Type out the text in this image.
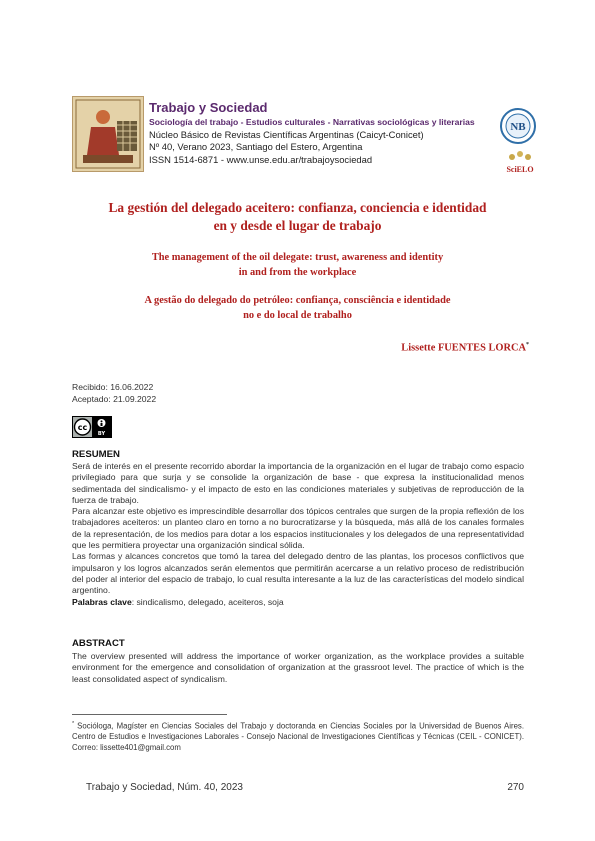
Trabajo y Sociedad
Sociología del trabajo - Estudios culturales - Narrativas sociológicas y literarias
Núcleo Básico de Revistas Científicas Argentinas (Caicyt-Conicet)
Nº 40, Verano 2023, Santiago del Estero, Argentina
ISSN 1514-6871 - www.unse.edu.ar/trabajoysociedad
NB
SciELO
La gestión del delegado aceitero: confianza, conciencia e identidad
en y desde el lugar de trabajo
The management of the oil delegate: trust, awareness and identity
in and from the workplace
A gestão do delegado do petróleo: confiança, consciência e identidade
no e do local de trabalho
Lissette FUENTES LORCA*
Recibido: 16.06.2022
Aceptado: 21.09.2022
cc
BY
RESUMEN

Será de interés en el presente recorrido abordar la importancia de la organización en el lugar de trabajo como espacio privilegiado para que surja y se consolide la organización de base - que expresa la institucionalidad menos sedimentada del sindicalismo- y el impacto de esto en las condiciones materiales y subjetivas de reproducción de la fuerza de trabajo.

Para alcanzar este objetivo es imprescindible desarrollar dos tópicos centrales que surgen de la propia reflexión de los trabajadores aceiteros: un planteo claro en torno a no burocratizarse y la búsqueda, más allá de los canales formales de la representación, de los medios para dotar a los espacios institucionales y los delegados de una representatividad que les permitiera proyectar una organización sindical sólida.

Las formas y alcances concretos que tomó la tarea del delegado dentro de las plantas, los procesos conflictivos que impulsaron y los logros alcanzados serán elementos que permitirán acercarse a un relativo proceso de redistribución del poder al interior del espacio de trabajo, lo cual resulta interesante a la luz de las características del modelo sindical argentino.

Palabras clave: sindicalismo, delegado, aceiteros, soja

ABSTRACT

The overview presented will address the importance of worker organization, as the workplace provides a suitable environment for the emergence and consolidation of organization at the grassroot level. The practice of which is the least consolidated aspect of syndicalism.

* Socióloga, Magíster en Ciencias Sociales del Trabajo y doctoranda en Ciencias Sociales por la Universidad de Buenos Aires. Centro de Estudios e Investigaciones Laborales - Consejo Nacional de Investigaciones Científicas y Técnicas (CEIL - CONICET). Correo: lissette401@gmail.com
Trabajo y Sociedad, Núm. 40, 2023	270
